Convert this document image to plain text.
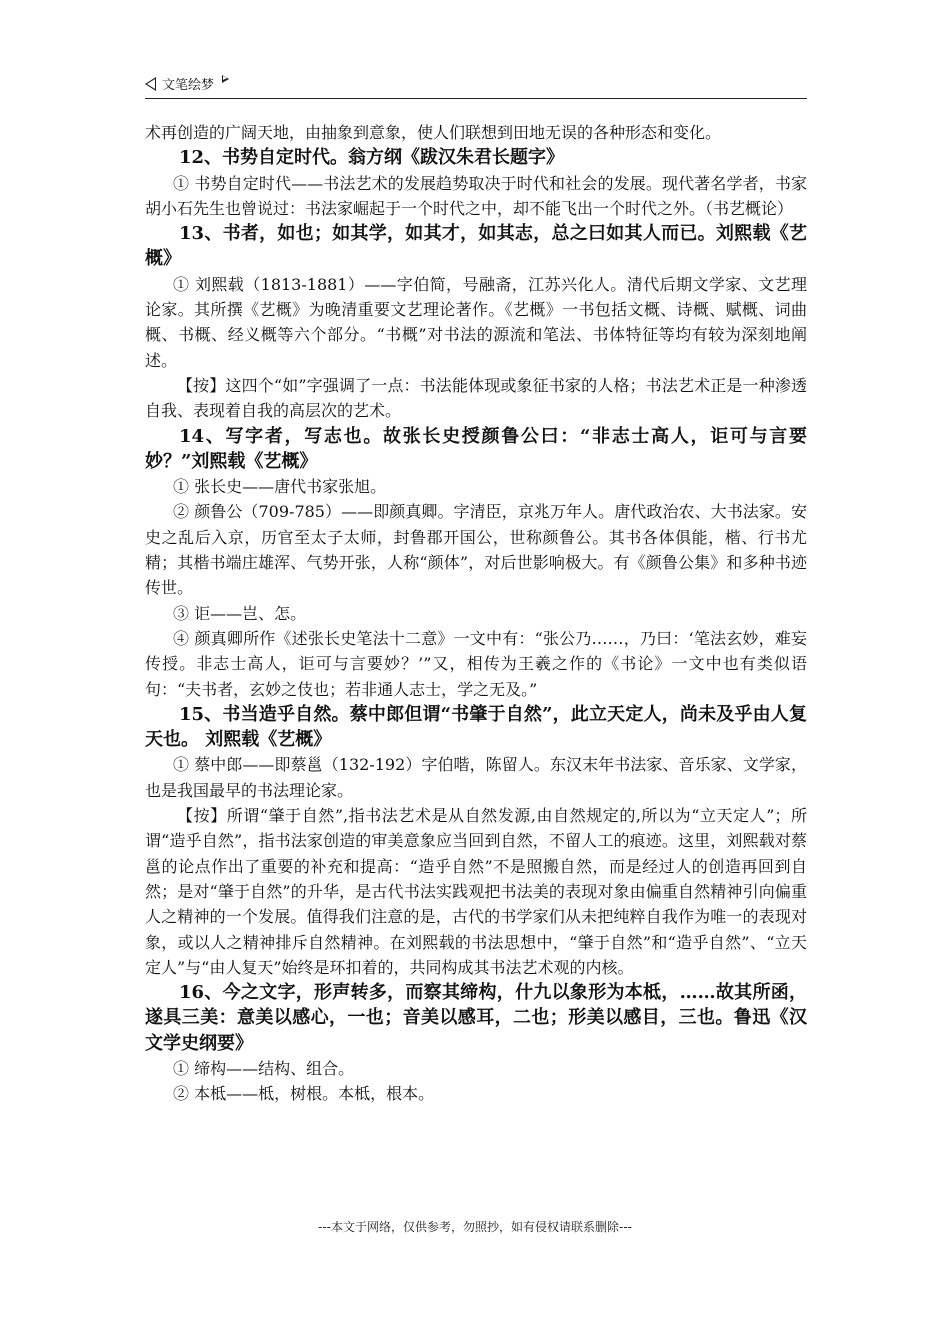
文笔绘梦

术再创造的广阔天地，由抽象到意象，使人们联想到田地无误的各种形态和变化。

12、书势自定时代。翁方纲《跋汉朱君长题字》

① 书势自定时代——书法艺术的发展趋势取决于时代和社会的发展。现代著名学者，书家胡小石先生也曾说过：书法家崛起于一个时代之中，却不能飞出一个时代之外。（书艺概论）

13、书者，如也；如其学，如其才，如其志，总之曰如其人而已。刘熙载《艺概》

① 刘熙载（1813-1881）——字伯简，号融斋，江苏兴化人。清代后期文学家、文艺理论家。其所撰《艺概》为晚清重要文艺理论著作。《艺概》一书包括文概、诗概、赋概、词曲概、书概、经义概等六个部分。“书概”对书法的源流和笔法、书体特征等均有较为深刻地阐述。

【按】这四个“如”字强调了一点：书法能体现或象征书家的人格；书法艺术正是一种渗透自我、表现着自我的高层次的艺术。

14、写字者，写志也。故张长史授颜鲁公曰：“非志士高人，讵可与言要妙？”刘熙载《艺概》

① 张长史——唐代书家张旭。

② 颜鲁公（709-785）——即颜真卿。字清臣，京兆万年人。唐代政治农、大书法家。安史之乱后入京，历官至太子太师，封鲁郡开国公，世称颜鲁公。其书各体俱能，楷、行书尤精；其楷书端庄雄浑、气势开张，人称“颜体”，对后世影响极大。有《颜鲁公集》和多种书迹传世。

③ 讵——岂、怎。

④ 颜真卿所作《述张长史笔法十二意》一文中有：“张公乃……，乃曰：‘笔法玄妙，难妄传授。非志士高人，讵可与言要妙？’”又，相传为王羲之作的《书论》一文中也有类似语句：“夫书者，玄妙之伎也；若非通人志士，学之无及。”

15、书当造乎自然。蔡中郎但谓“书肇于自然”，此立天定人，尚未及乎由人复天也。 刘熙载《艺概》

① 蔡中郎——即蔡邕（132-192）字伯喈，陈留人。东汉末年书法家、音乐家、文学家，也是我国最早的书法理论家。

【按】所谓“肇于自然”,指书法艺术是从自然发源,由自然规定的,所以为“立天定人”；所谓“造乎自然”，指书法家创造的审美意象应当回到自然，不留人工的痕迹。这里，刘熙载对蔡邕的论点作出了重要的补充和提高：“造乎自然”不是照搬自然，而是经过人的创造再回到自然；是对“肇于自然”的升华，是古代书法实践观把书法美的表现对象由偏重自然精神引向偏重人之精神的一个发展。值得我们注意的是，古代的书学家们从未把纯粹自我作为唯一的表现对象，或以人之精神排斥自然精神。在刘熙载的书法思想中，“肇于自然”和“造乎自然”、“立天定人”与“由人复天”始终是环扣着的，共同构成其书法艺术观的内核。

16、今之文字，形声转多，而察其缔构，什九以象形为本柢，……故其所函，遂具三美：意美以感心，一也；音美以感耳，二也；形美以感目，三也。鲁迅《汉文学史纲要》

① 缔构——结构、组合。

② 本柢——柢，树根。本柢，根本。

---本文于网络，仅供参考，勿照抄，如有侵权请联系删除---
